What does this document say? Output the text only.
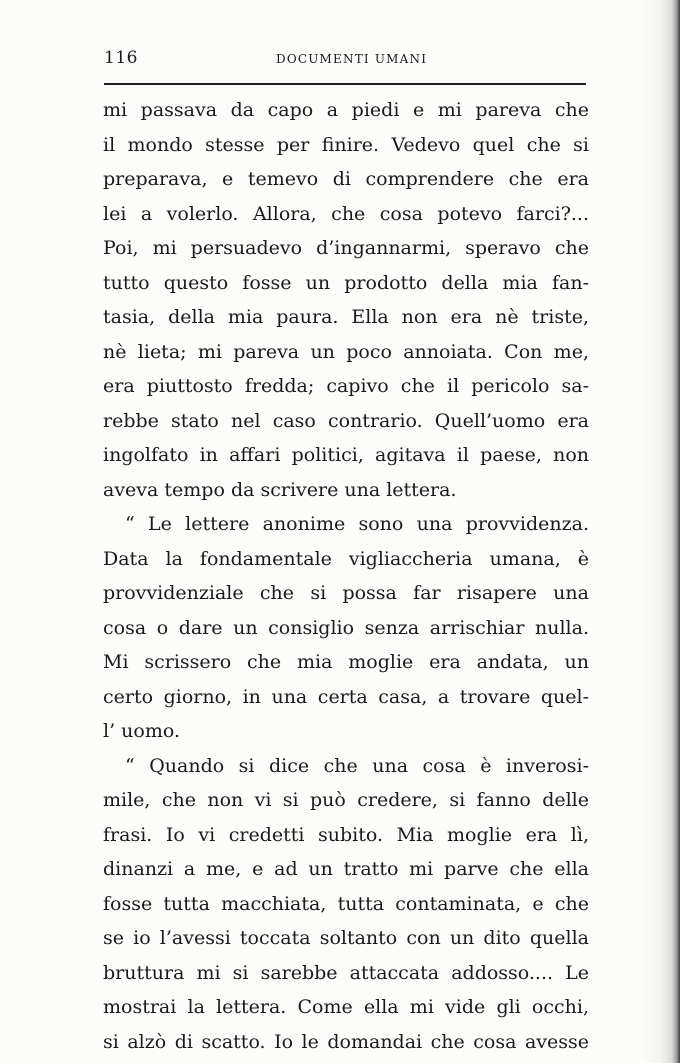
116	DOCUMENTI UMANI
mi passava da capo a piedi e mi pareva che
il mondo stesse per finire. Vedevo quel che si
preparava, e temevo di comprendere che era
lei a volerlo. Allora, che cosa potevo farci?...
Poi, mi persuadevo d’ingannarmi, speravo che
tutto questo fosse un prodotto della mia fan-
tasia, della mia paura. Ella non era nè triste,
nè lieta; mi pareva un poco annoiata. Con me,
era piuttosto fredda; capivo che il pericolo sa-
rebbe stato nel caso contrario. Quell’uomo era
ingolfato in affari politici, agitava il paese, non
aveva tempo da scrivere una lettera.
“ Le lettere anonime sono una provvidenza.
Data la fondamentale vigliaccheria umana, è
provvidenziale che si possa far risapere una
cosa o dare un consiglio senza arrischiar nulla.
Mi scrissero che mia moglie era andata, un
certo giorno, in una certa casa, a trovare quel-
l’ uomo.
“ Quando si dice che una cosa è inverosi-
mile, che non vi si può credere, si fanno delle
frasi. Io vi credetti subito. Mia moglie era lì,
dinanzi a me, e ad un tratto mi parve che ella
fosse tutta macchiata, tutta contaminata, e che
se io l’avessi toccata soltanto con un dito quella
bruttura mi si sarebbe attaccata addosso.... Le
mostrai la lettera. Come ella mi vide gli occhi,
si alzò di scatto. Io le domandai che cosa avesse
